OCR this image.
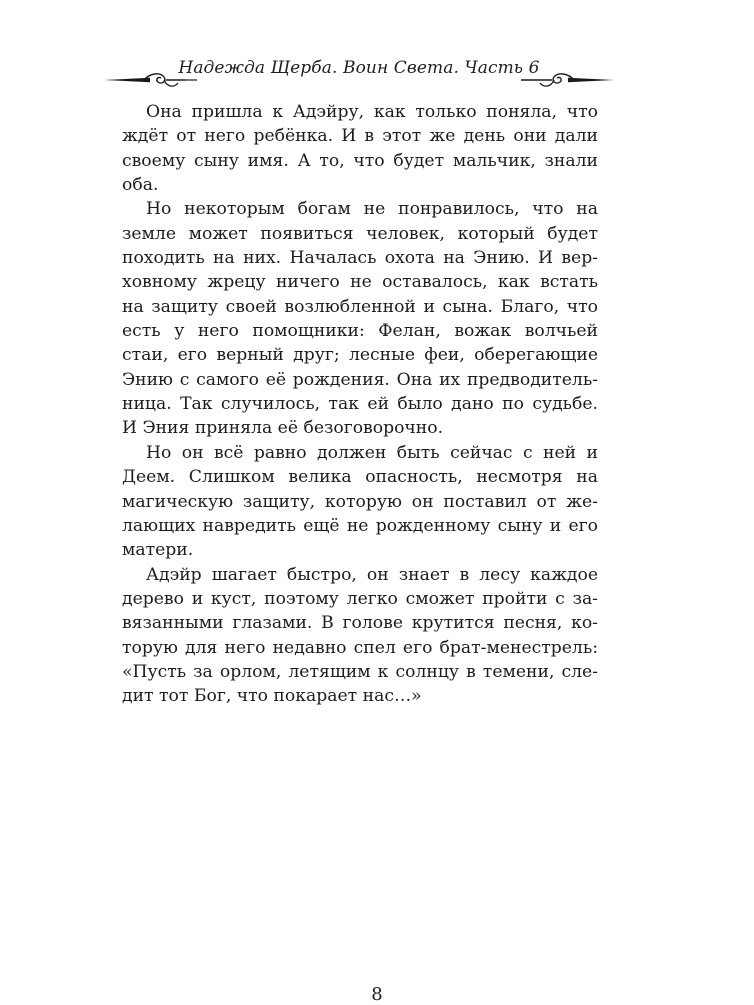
Надежда Щерба. Воин Света. Часть 6
Она пришла к Адэйру, как только поняла, что
ждёт от него ребёнка. И в этот же день они дали
своему сыну имя. А то, что будет мальчик, знали
оба.
Но некоторым богам не понравилось, что на
земле может появиться человек, который будет
походить на них. Началась охота на Энию. И вер-
ховному жрецу ничего не оставалось, как встать
на защиту своей возлюбленной и сына. Благо, что
есть у него помощники: Фелан, вожак волчьей
стаи, его верный друг; лесные феи, оберегающие
Энию с самого её рождения. Она их предводитель-
ница. Так случилось, так ей было дано по судьбе.
И Эния приняла её безоговорочно.
Но он всё равно должен быть сейчас с ней и
Деем. Слишком велика опасность, несмотря на
магическую защиту, которую он поставил от же-
лающих навредить ещё не рожденному сыну и его
матери.
Адэйр шагает быстро, он знает в лесу каждое
дерево и куст, поэтому легко сможет пройти с за-
вязанными глазами. В голове крутится песня, ко-
торую для него недавно спел его брат-менестрель:
«Пусть за орлом, летящим к солнцу в темени, сле-
дит тот Бог, что покарает нас…»
8
